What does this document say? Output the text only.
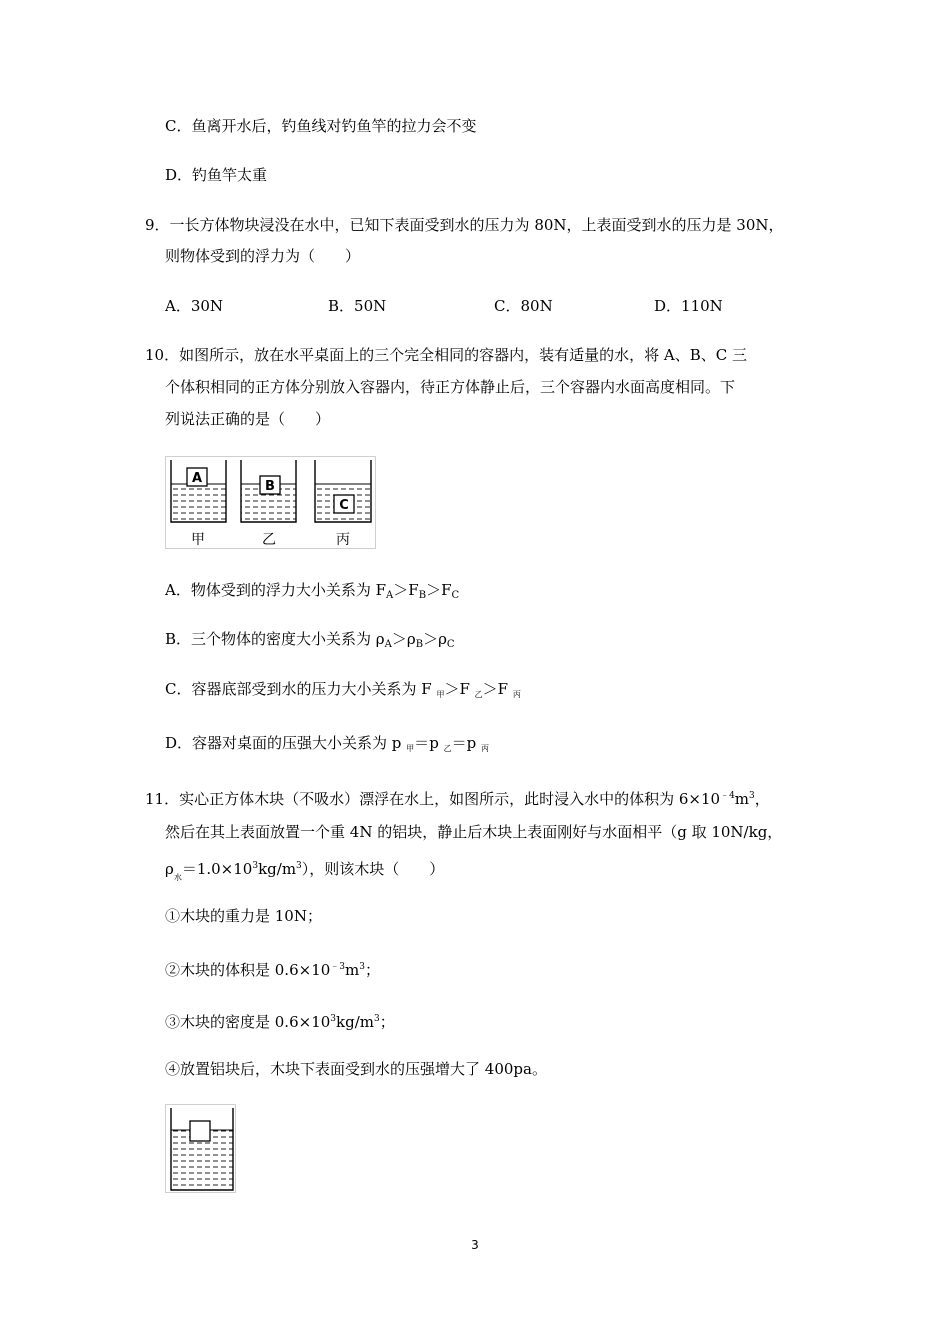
C．鱼离开水后，钓鱼线对钓鱼竿的拉力会不变
D．钓鱼竿太重
9．一长方体物块浸没在水中，已知下表面受到水的压力为 80N，上表面受到水的压力是 30N，
则物体受到的浮力为（　　）
A．30N	B．50N	C．80N	D．110N
10．如图所示，放在水平桌面上的三个完全相同的容器内，装有适量的水，将 A、B、C 三
个体积相同的正方体分别放入容器内，待正方体静止后，三个容器内水面高度相同。下
列说法正确的是（　　）
A
B
C
甲	乙	丙
A．物体受到的浮力大小关系为 $F_A>F_B>F_C$
B．三个物体的密度大小关系为 $\rho_A>\rho_B>\rho_C$
C．容器底部受到水的压力大小关系为 F $_甲$＞F $_乙$＞F $_丙$
D．容器对桌面的压强大小关系为 p $_甲$＝p $_乙$＝p $_丙$
11．实心正方体木块（不吸水）漂浮在水上，如图所示，此时浸入水中的体积为 $6\times 10^{﹣4}m^3$，
然后在其上表面放置一个重 4N 的铝块，静止后木块上表面刚好与水面相平（g 取 10N/kg，
$\rho_水=1.0\times 10^3kg/m^3$），则该木块（　　）
①木块的重力是 10N；
②木块的体积是 $0.6\times 10^{﹣3}m^3$；
③木块的密度是 $0.6\times 10^3kg/m^3$；
④放置铝块后，木块下表面受到水的压强增大了 400pa。
3
